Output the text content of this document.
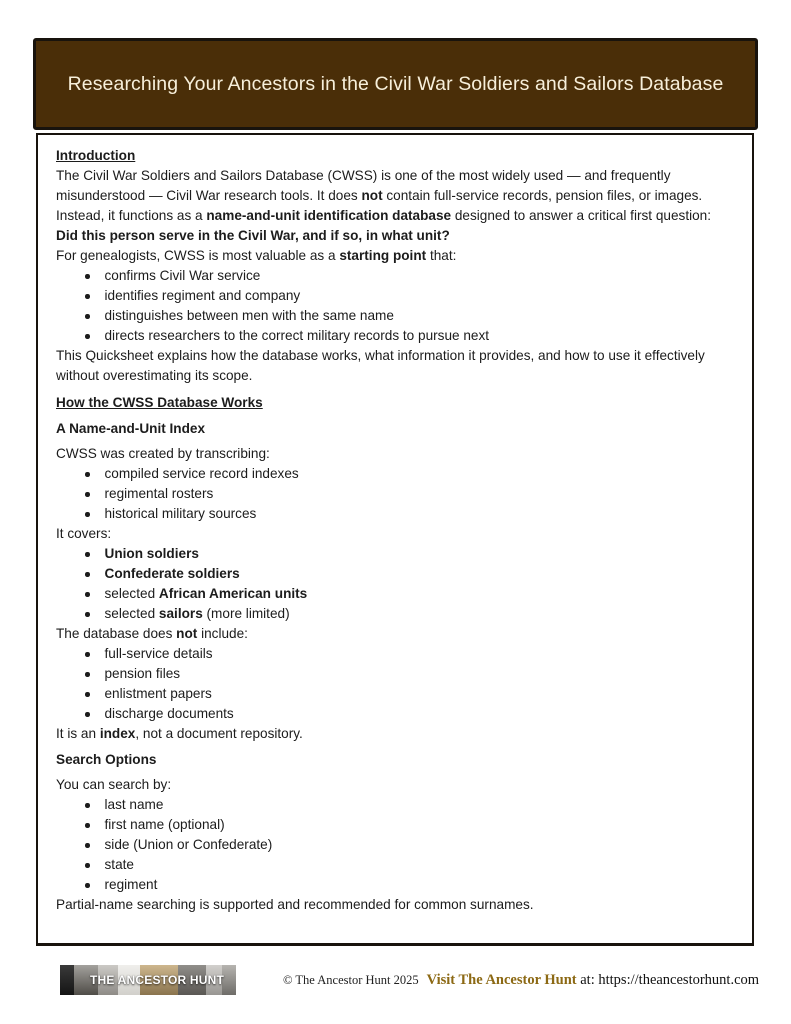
Researching Your Ancestors in the Civil War Soldiers and Sailors Database
Introduction
The Civil War Soldiers and Sailors Database (CWSS) is one of the most widely used — and frequently misunderstood — Civil War research tools. It does not contain full-service records, pension files, or images. Instead, it functions as a name-and-unit identification database designed to answer a critical first question:
Did this person serve in the Civil War, and if so, in what unit?
For genealogists, CWSS is most valuable as a starting point that:
confirms Civil War service
identifies regiment and company
distinguishes between men with the same name
directs researchers to the correct military records to pursue next
This Quicksheet explains how the database works, what information it provides, and how to use it effectively without overestimating its scope.
How the CWSS Database Works
A Name-and-Unit Index
CWSS was created by transcribing:
compiled service record indexes
regimental rosters
historical military sources
It covers:
Union soldiers
Confederate soldiers
selected African American units
selected sailors (more limited)
The database does not include:
full-service details
pension files
enlistment papers
discharge documents
It is an index, not a document repository.
Search Options
You can search by:
last name
first name (optional)
side (Union or Confederate)
state
regiment
Partial-name searching is supported and recommended for common surnames.
THE ANCESTOR HUNT	© The Ancestor Hunt 2025 Visit The Ancestor Hunt at: https://theancestorhunt.com
